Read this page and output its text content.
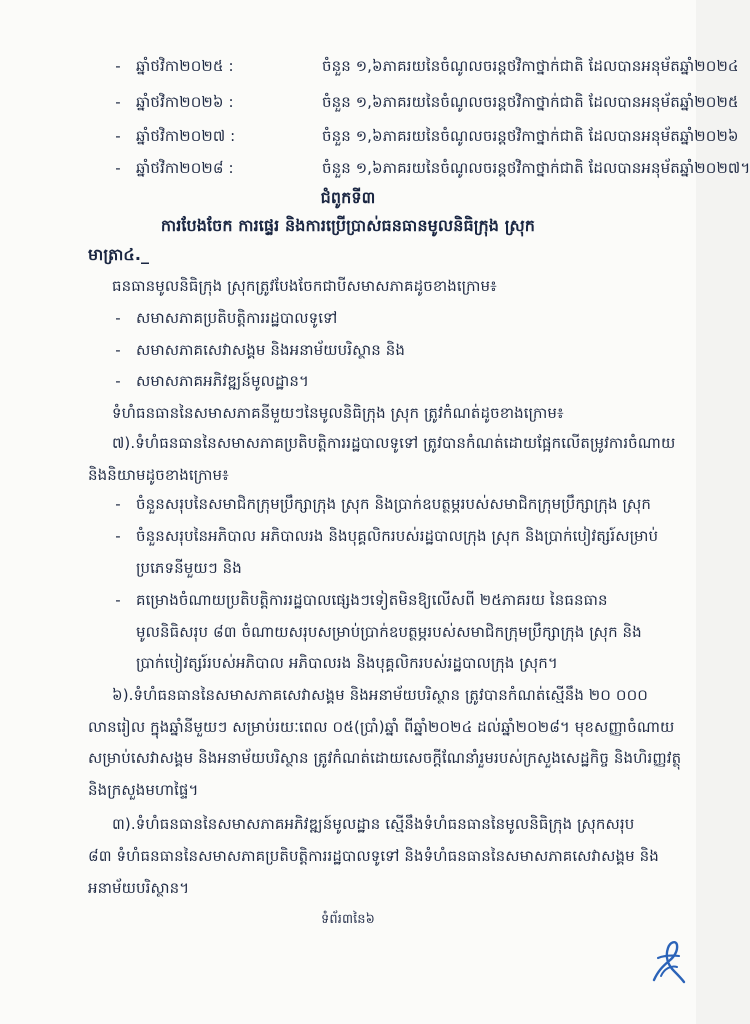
- ឆ្នាំថវិកា២០២៥ :	ចំនួន ១,៦ភាគរយនៃចំណូលចរន្តថវិកាថ្នាក់ជាតិ ដែលបានអនុម័តឆ្នាំ២០២៤
- ឆ្នាំថវិកា២០២៦ :	ចំនួន ១,៦ភាគរយនៃចំណូលចរន្តថវិកាថ្នាក់ជាតិ ដែលបានអនុម័តឆ្នាំ២០២៥
- ឆ្នាំថវិកា២០២៧ :	ចំនួន ១,៦ភាគរយនៃចំណូលចរន្តថវិកាថ្នាក់ជាតិ ដែលបានអនុម័តឆ្នាំ២០២៦
- ឆ្នាំថវិកា២០២៨ :	ចំនួន ១,៦ភាគរយនៃចំណូលចរន្តថវិកាថ្នាក់ជាតិ ដែលបានអនុម័តឆ្នាំ២០២៧។
ជំពូកទី៣
ការបែងចែក ការផ្ទេរ និងការប្រើប្រាស់ធនធានមូលនិធិក្រុង ស្រុក
មាត្រា៤._
ធនធានមូលនិធិក្រុង ស្រុកត្រូវបែងចែកជាបីសមាសភាគដូចខាងក្រោម៖
- សមាសភាគប្រតិបត្តិការរដ្ឋបាលទូទៅ
- សមាសភាគសេវាសង្គម និងអនាម័យបរិស្ថាន និង
- សមាសភាគអភិវឌ្ឍន៍មូលដ្ឋាន។
ទំហំធនធាននៃសមាសភាគនីមួយៗនៃមូលនិធិក្រុង ស្រុក ត្រូវកំណត់ដូចខាងក្រោម៖
៧).ទំហំធនធាននៃសមាសភាគប្រតិបត្តិការរដ្ឋបាលទូទៅ ត្រូវបានកំណត់ដោយផ្អែកលើតម្រូវការចំណាយ
និងនិយាមដូចខាងក្រោម៖
- ចំនួនសរុបនៃសមាជិកក្រុមប្រឹក្សាក្រុង ស្រុក និងប្រាក់ឧបត្ថម្ភរបស់សមាជិកក្រុមប្រឹក្សាក្រុង ស្រុក
- ចំនួនសរុបនៃអភិបាល អភិបាលរង និងបុគ្គលិករបស់រដ្ឋបាលក្រុង ស្រុក និងប្រាក់បៀវត្សរ៍សម្រាប់
ប្រភេទនីមួយៗ និង
- គម្រោងចំណាយប្រតិបត្តិការរដ្ឋបាលផ្សេងៗទៀតមិនឱ្យលើសពី ២៥ភាគរយ នៃធនធាន
មូលនិធិសរុប ៨៣ ចំណាយសរុបសម្រាប់ប្រាក់ឧបត្ថម្ភរបស់សមាជិកក្រុមប្រឹក្សាក្រុង ស្រុក និង
ប្រាក់បៀវត្សរ៍របស់អភិបាល អភិបាលរង និងបុគ្គលិករបស់រដ្ឋបាលក្រុង ស្រុក។
៦).ទំហំធនធាននៃសមាសភាគសេវាសង្គម និងអនាម័យបរិស្ថាន ត្រូវបានកំណត់ស្មើនឹង ២០ ០០០
លានរៀល ក្នុងឆ្នាំនីមួយៗ សម្រាប់រយៈពេល ០៥(ប្រាំ)ឆ្នាំ ពីឆ្នាំ២០២៤ ដល់ឆ្នាំ២០២៨។ មុខសញ្ញាចំណាយ
សម្រាប់សេវាសង្គម និងអនាម័យបរិស្ថាន ត្រូវកំណត់ដោយសេចក្តីណែនាំរួមរបស់ក្រសួងសេដ្ឋកិច្ច និងហិរញ្ញវត្ថុ
និងក្រសួងមហាផ្ទៃ។
៣).ទំហំធនធាននៃសមាសភាគអភិវឌ្ឍន៍មូលដ្ឋាន ស្មើនឹងទំហំធនធាននៃមូលនិធិក្រុង ស្រុកសរុប
៨៣ ទំហំធនធាននៃសមាសភាគប្រតិបត្តិការរដ្ឋបាលទូទៅ និងទំហំធនធាននៃសមាសភាគសេវាសង្គម និង
អនាម័យបរិស្ថាន។
ទំព័រ៣នៃ៦
